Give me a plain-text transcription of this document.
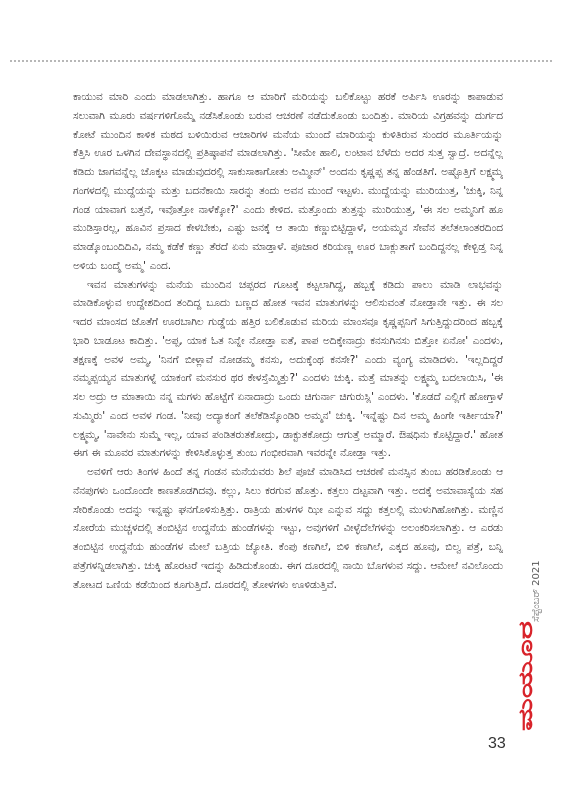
ಕಾಯುವ ಮಾರಿ ಎಂದು ಮಾಡಲಾಗಿತ್ತು. ಹಾಗೂ ಆ ಮಾರಿಗೆ ಮರಿಯನ್ನು ಬಲಿಕೊಟ್ಟು ಹರಕೆ ಅರ್ಪಿಸಿ ಊರನ್ನು ಕಾಪಾಡುವ ಸಲುವಾಗಿ ಮೂರು ವರ್ಷಗಳಿಗೊಮ್ಮೆ ನಡೆಸಿಕೊಂಡು ಬರುವ ಆಚರಣೆ ನಡೆದುಕೊಂಡು ಬಂದಿತ್ತು. ಮಾರಿಯ ವಿಗ್ರಹವನ್ನು ದುರ್ಗದ ಕೋಟೆ ಮುಂದಿನ ಕಾಳಿಕ ಮಠದ ಬಳಿಯಿರುವ ಆಚಾರಿಗಳ ಮನೆಯ ಮುಂದೆ ಮಾರಿಯನ್ನು ಕುಳಿತಿರುವ ಸುಂದರ ಮೂರ್ತಿಯನ್ನು ಕೆತ್ತಿಸಿ ಊರ ಒಳಗಿನ ದೇವಸ್ಥಾನದಲ್ಲಿ ಪ್ರತಿಷ್ಠಾಪನೆ ಮಾಡಲಾಗಿತ್ತು. 'ಸೀಮೇ ಹಾಲಿ, ಲಂಟಾನ ಬೆಳೆದು ಅದರ ಸುತ್ತ ಸ್ವಾದ್ರೆ. ಅದನ್ನೆಲ್ಲ ಕಡಿದು ಜಾಗವನ್ನೆಲ್ಲ ಚೊಕ್ಕಟ ಮಾಡುವುದರಲ್ಲಿ ಸಾಕುಸಾಕಾಗೋತು ಅಮ್ಮೀನ್' ಅಂದನು ಕೃಷ್ಣಪ್ಪ ತನ್ನ ಹೆಂಡತಿಗೆ. ಅಷ್ಟೊತ್ತಿಗೆ ಲಕ್ಷ್ಮಮ್ಮ ಗಂಗಳದಲ್ಲಿ ಮುದ್ದೆಯನ್ನು ಮತ್ತು ಬದನೆಕಾಯಿ ಸಾರನ್ನು ತಂದು ಅವನ ಮುಂದೆ ಇಟ್ಟಳು. ಮುದ್ದೆಯನ್ನು ಮುರಿಯುತ್ತ, 'ಚುಕ್ಕಿ, ನಿನ್ನ ಗಂಡ ಯಾವಾಗ ಬತ್ತನೆ, ಇವೊತ್ತೋ ನಾಳೆಕ್ಕೋ?' ಎಂದು ಕೇಳಿದ. ಮತ್ತೊಂದು ತುತ್ತನ್ನು ಮುರಿಯುತ್ತ, 'ಈ ಸಲ ಅಮ್ಮನಿಗೆ ಹೂ ಮುಡಿಸ್ತಾರಲ್ಲ, ಹೂವಿನ ಪ್ರಸಾದ ಕೇಳಬೇಕು, ಎಷ್ಟು ಜನಕ್ಕೆ ಆ ತಾಯಿ ಕಣ್ಣುಬಿಟ್ಟಿದ್ದಾಳೆ, ಅಯಮ್ಮನ ಸೇವೆನ ತಲೆತಲಾಂತರದಿಂದ ಮಾಡ್ಕೊಂಬಂದಿದಿವಿ, ನಮ್ಮ ಕಡೆಕೆ ಕಣ್ಣು ತೆರದೆ ಏನು ಮಾಡ್ತಾಳೆ. ಪೂಜಾರ ಕರಿಯಣ್ಣ ಊರ ಬಾಕ್ಲುತಾಗೆ ಬಂದಿದ್ದನಲ್ಲ ಕೇಳ್ಬಿಡ್ತ ನಿನ್ನ ಅಳಿಯ ಬಂದ್ಮೆ ಅಮ್ಮ' ಎಂದ.

ಇವನ ಮಾತುಗಳನ್ನು ಮನೆಯ ಮುಂದಿನ ಚಪ್ಪರದ ಗೂಟಕ್ಕೆ ಕಟ್ಟಲಾಗಿದ್ದ, ಹಬ್ಬಕ್ಕೆ ಕಡಿದು ಪಾಲು ಮಾಡಿ ಲಾಭವನ್ನು ಮಾಡಿಕೊಳ್ಳುವ ಉದ್ದೇಶದಿಂದ ತಂದಿದ್ದ ಬೂದು ಬಣ್ಣದ ಹೋತ ಇವನ ಮಾತುಗಳನ್ನು ಆಲಿಸುವಂತೆ ನೋಡ್ತಾನೇ ಇತ್ತು. ಈ ಸಲ ಇದರ ಮಾಂಸದ ಜೊತೆಗೆ ಊರಬಾಗಿಲ ಗುಡ್ಡೆಯ ಹತ್ತಿರ ಬಲಿಕೊಡುವ ಮರಿಯ ಮಾಂಸವೂ ಕೃಷ್ಣಪ್ಪನಿಗೆ ಸಿಗುತ್ತಿದ್ದುದರಿಂದ ಹಬ್ಬಕ್ಕೆ ಭಾರಿ ಬಾಡೂಟ ಕಾದಿತ್ತು. 'ಅಪ್ಪ, ಯಾಕ ಓತ ನಿನ್ನೇ ನೋಡ್ತಾ ಐತೆ, ಪಾಪ ಅದಿಕ್ಕೇನಾದ್ರು ಕನಸುಗಿನಸು ಬಿತ್ತೋ ಏನೋ' ಎಂದಳು, ತಕ್ಷಣಕ್ಕೆ ಅವಳ ಅಮ್ಮ, 'ನಿನಗೆ ಬೀಳ್ಲಾವೆ ನೋಡಮ್ಮ ಕನಸು, ಅದುಕ್ಕೆಂಥ ಕನಸೇ?' ಎಂದು ವ್ಯಂಗ್ಯ ಮಾಡಿದಳು. 'ಇಲ್ಲದಿದ್ದರೆ ನಮ್ಮಪ್ಪಯ್ಯನ ಮಾತುಗಳ್ನೆ ಯಾಕಂಗೆ ಮನಸುರ ಥರ ಕೇಳಸ್ತೆಮ್ಮಿತ್ತು?' ಎಂದಳು ಚುಕ್ಕಿ. ಮತ್ತೆ ಮಾತನ್ನು ಲಕ್ಷ್ಮಮ್ಮ ಬದಲಾಯಿಸಿ, 'ಈ ಸಲ ಅದ್ರು ಆ ಮಾತಾಯಿ ನನ್ನ ಮಗಳು ಹೊಟ್ಟೆಗೆ ಏನಾದಾದ್ರು ಒಂದು ಚಿಗುರ್ನಾ ಚಿಗುರುಸ್ಲಿ' ಎಂದಳು. 'ಕೊಡದೆ ಎಲ್ಲಿಗೆ ಹೋಗ್ತಾಳೆ ಸುಮ್ಮಿರು' ಎಂದ ಅವಳ ಗಂಡ. 'ನೀವು ಅದ್ಯಾಕಂಗೆ ತಲೆಕೆಡಿಸ್ಕೊಂಡಿರಿ ಅಮ್ಮನ' ಚುಕ್ಕಿ. 'ಇನ್ನೆಷ್ಟು ದಿನ ಅಮ್ಮ ಹಿಂಗೇ ಇರ್ತೀಯಾ?' ಲಕ್ಷ್ಮಮ್ಮ, 'ನಾವೇನು ಸುಮ್ಮೆ ಇಲ್ಲ, ಯಾವ ಪಂಡಿತರುತಕೋದ್ರು, ಡಾಕ್ಟುತಕೋದ್ರು ಆಗುತ್ತೆ ಅಮ್ಮಾರೆ. ಔಷಧಿನು ಕೊಟ್ಟಿದ್ದಾರೆ.' ಹೋತ ಈಗ ಈ ಮೂವರ ಮಾತುಗಳನ್ನು ಕೇಳಿಸಿಕೊಳ್ಳುತ್ತ ತುಂಬ ಗಂಭೀರವಾಗಿ ಇವರನ್ನೇ ನೋಡ್ತಾ ಇತ್ತು.

ಅವಳಿಗೆ ಆರು ತಿಂಗಳ ಹಿಂದೆ ತನ್ನ ಗಂಡನ ಮನೆಯವರು ಶಿಲೆ ಪೂಜೆ ಮಾಡಿಸಿದ ಆಚರಣೆ ಮನಸ್ಸಿನ ತುಂಬ ಹರಡಿಕೊಂಡು ಆ ನೆನಪುಗಳು ಒಂದೊಂದೇ ಕಾಣತೊಡಗಿದವು. ಕಲ್ಲು, ಸಿಲು ಕರಗುವ ಹೊತ್ತು. ಕತ್ತಲು ದಟ್ಟವಾಗಿ ಇತ್ತು. ಅದಕ್ಕೆ ಅಮಾವಾಸ್ಯೆಯ ಸಹ ಸೇರಿಕೊಂಡು ಅದನ್ನು ಇನ್ನಷ್ಟು ಘನಗೊಳಿಸುತ್ತಿತ್ತು. ರಾತ್ರಿಯ ಹುಳಗಳ ಝೀ ಎನ್ನುವ ಸದ್ದು ಕತ್ತಲಲ್ಲಿ ಮುಳುಗಿಹೋಗಿತ್ತು. ಮಣ್ಣಿನ ಸೋರೆಯ ಮುಚ್ಚಳದಲ್ಲಿ ತಂಬಿಟ್ಟಿನ ಉದ್ದನೆಯ ಹುಂಡೆಗಳನ್ನು ಇಟ್ಟು, ಅವುಗಳಿಗೆ ವೀಳ್ಳೆದೆಲೆಗಳನ್ನು ಅಲಂಕರಿಸಲಾಗಿತ್ತು. ಆ ಎರಡು ತಂಬಿಟ್ಟಿನ ಉದ್ದನೆಯ ಹುಂಡೆಗಳ ಮೇಲೆ ಬತ್ತಿಯ ಜ್ಯೋತಿ. ಕೆಂಪು ಕಣಗಿಲೆ, ಬಿಳಿ ಕಣಗಿಲೆ, ಎಕ್ಕದ ಹೂವು, ಬಿಲ್ವ ಪತ್ರೆ, ಬನ್ನಿ ಪತ್ರೆಗಳನ್ನಿಡಲಾಗಿತ್ತು. ಚುಕ್ಕಿ ಹೊರಟರೆ ಇದನ್ನು ಹಿಡಿದುಕೊಂಡು. ಈಗ ದೂರದಲ್ಲಿ ನಾಯಿ ಬೊಗಳುವ ಸದ್ದು. ಆಮೇಲೆ ನವಿಲೊಂದು ತೋಟದ ಒಣಿಯ ಕಡೆಯಿಂದ ಕೂಗುತ್ತಿದೆ. ದೂರದಲ್ಲಿ ತೋಳಗಳು ಊಳಿಡುತ್ತಿವೆ.

ಮಯೂರ
ಸೆಪ್ಟೆಂಬರ್ 2021
33
